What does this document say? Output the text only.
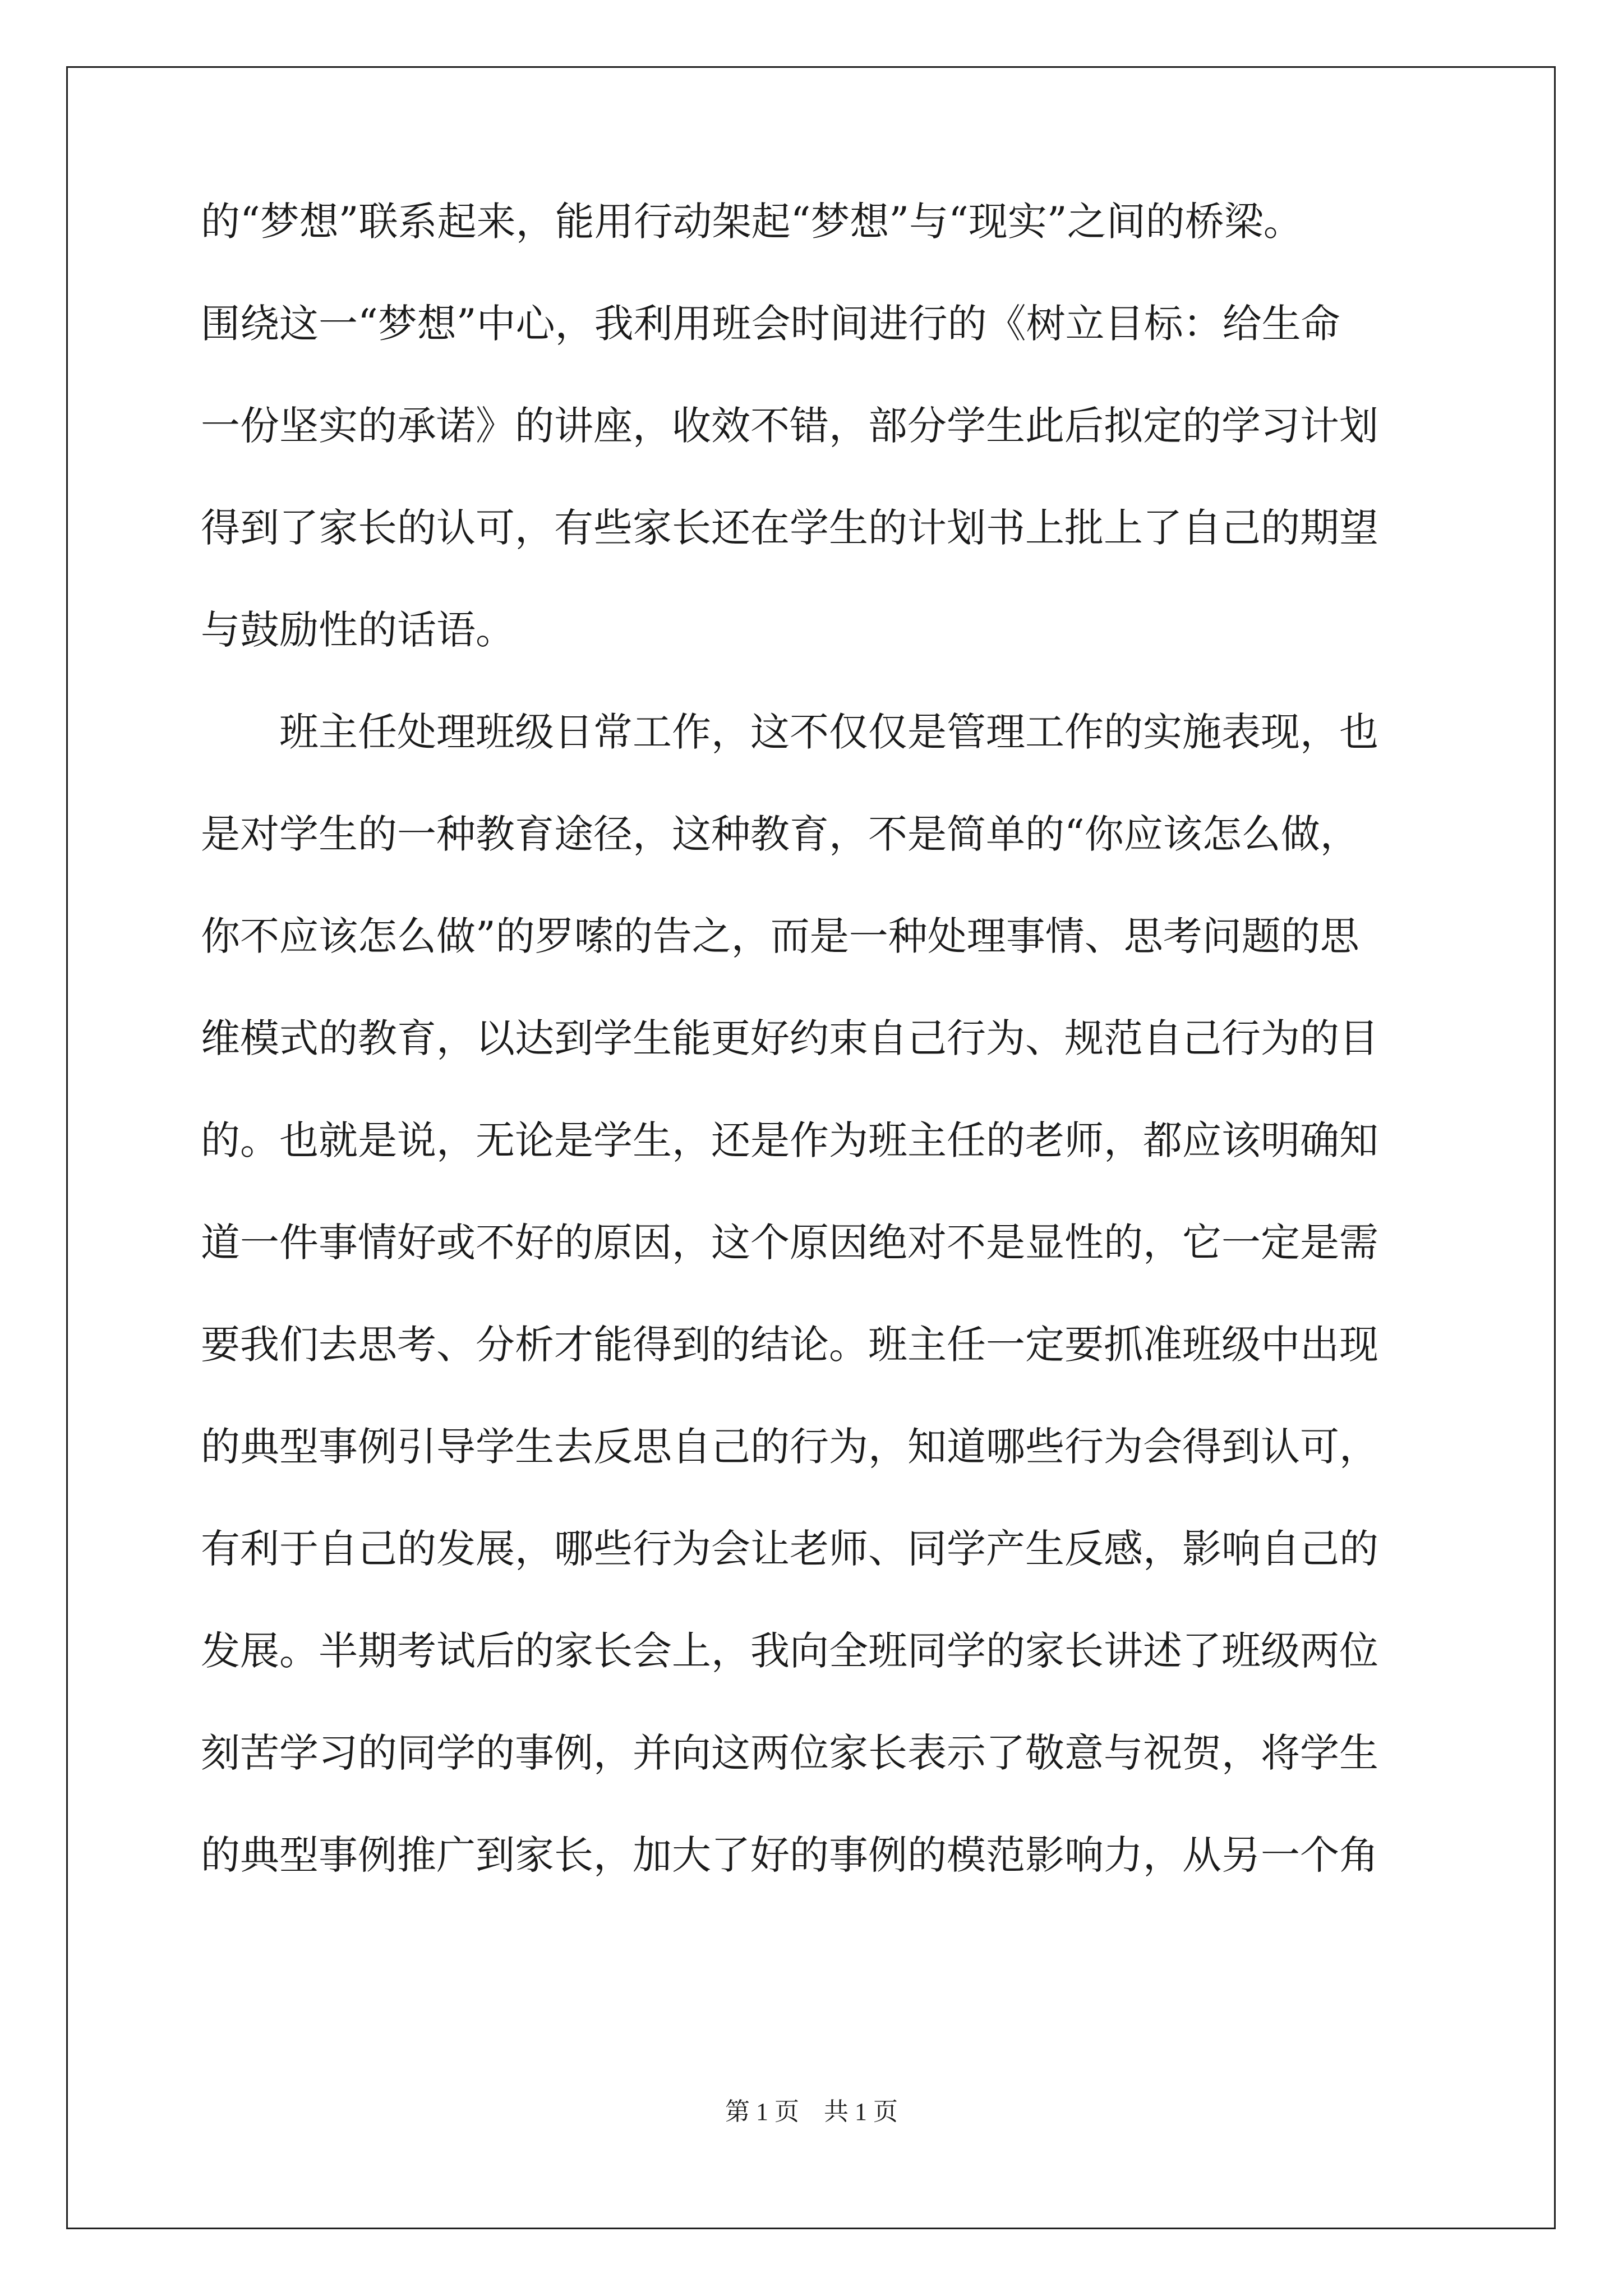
的“梦想”联系起来，能用行动架起“梦想”与“现实”之间的桥梁。
围绕这一“梦想”中心，我利用班会时间进行的《树立目标：给生命
一份坚实的承诺》的讲座，收效不错，部分学生此后拟定的学习计划
得到了家长的认可，有些家长还在学生的计划书上批上了自己的期望
与鼓励性的话语。
　　班主任处理班级日常工作，这不仅仅是管理工作的实施表现，也
是对学生的一种教育途径，这种教育，不是简单的“你应该怎么做，
你不应该怎么做”的罗嗦的告之，而是一种处理事情、思考问题的思
维模式的教育，以达到学生能更好约束自己行为、规范自己行为的目
的。也就是说，无论是学生，还是作为班主任的老师，都应该明确知
道一件事情好或不好的原因，这个原因绝对不是显性的，它一定是需
要我们去思考、分析才能得到的结论。班主任一定要抓准班级中出现
的典型事例引导学生去反思自己的行为，知道哪些行为会得到认可，
有利于自己的发展，哪些行为会让老师、同学产生反感，影响自己的
发展。半期考试后的家长会上，我向全班同学的家长讲述了班级两位
刻苦学习的同学的事例，并向这两位家长表示了敬意与祝贺，将学生
的典型事例推广到家长，加大了好的事例的模范影响力，从另一个角
第 1 页　共 1 页
